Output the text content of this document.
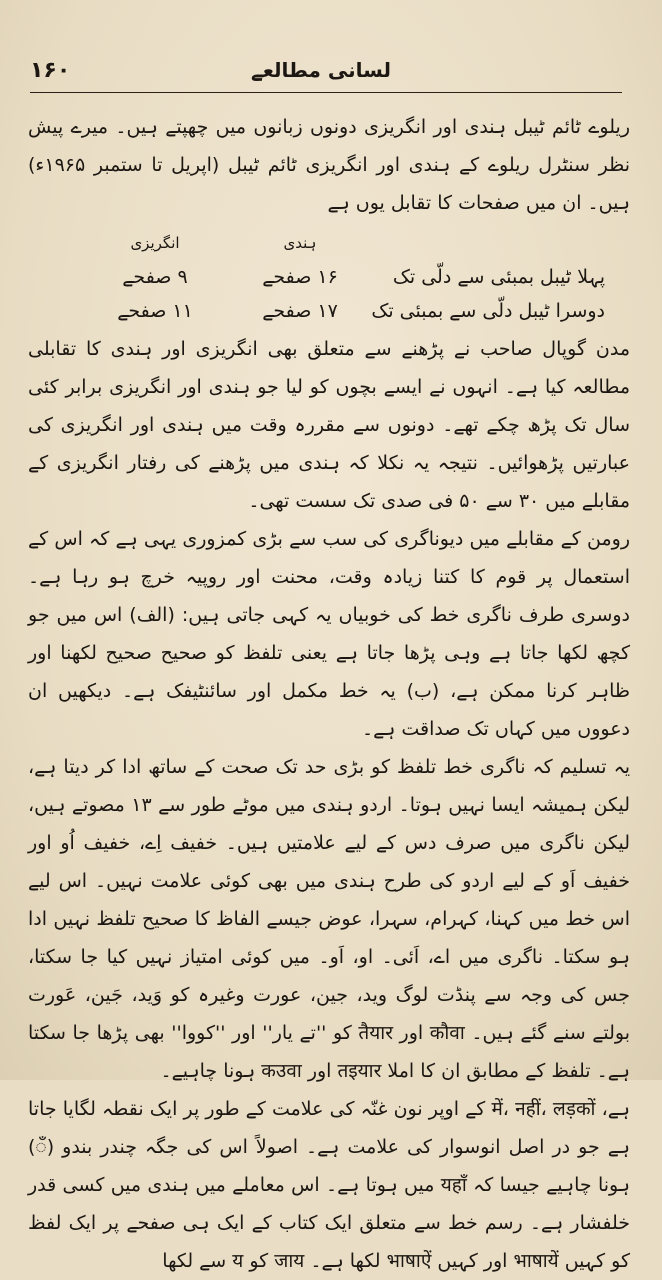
۱۶۰	لسانی مطالعے

ریلوے ٹائم ٹیبل ہندی اور انگریزی دونوں زبانوں میں چھپتے ہیں۔ میرے پیش نظر سنٹرل ریلوے کے ہندی اور انگریزی ٹائم ٹیبل (اپریل تا ستمبر ۱۹۶۵ء) ہیں۔ ان میں صفحات کا تقابل یوں ہے

ہندی
انگریزی
پہلا ٹیبل بمبئی سے دلّی تک
۱۶ صفحے
۹ صفحے
دوسرا ٹیبل دلّی سے بمبئی تک
۱۷ صفحے
۱۱ صفحے

مدن گوپال صاحب نے پڑھنے سے متعلق بھی انگریزی اور ہندی کا تقابلی مطالعہ کیا ہے۔ انہوں نے ایسے بچوں کو لیا جو ہندی اور انگریزی برابر کئی سال تک پڑھ چکے تھے۔ دونوں سے مقررہ وقت میں ہندی اور انگریزی کی عبارتیں پڑھوائیں۔ نتیجہ یہ نکلا کہ ہندی میں پڑھنے کی رفتار انگریزی کے مقابلے میں ۳۰ سے ۵۰ فی صدی تک سست تھی۔

رومن کے مقابلے میں دیوناگری کی سب سے بڑی کمزوری یہی ہے کہ اس کے استعمال پر قوم کا کتنا زیادہ وقت، محنت اور روپیہ خرچ ہو رہا ہے۔ دوسری طرف ناگری خط کی خوبیاں یہ کہی جاتی ہیں: (الف) اس میں جو کچھ لکھا جاتا ہے وہی پڑھا جاتا ہے یعنی تلفظ کو صحیح صحیح لکھنا اور ظاہر کرنا ممکن ہے، (ب) یہ خط مکمل اور سائنٹیفک ہے۔ دیکھیں ان دعووں میں کہاں تک صداقت ہے۔

یہ تسلیم کہ ناگری خط تلفظ کو بڑی حد تک صحت کے ساتھ ادا کر دیتا ہے، لیکن ہمیشہ ایسا نہیں ہوتا۔ اردو ہندی میں موٹے طور سے ۱۳ مصوتے ہیں، لیکن ناگری میں صرف دس کے لیے علامتیں ہیں۔ خفیف اِے، خفیف اُو اور خفیف اَو کے لیے اردو کی طرح ہندی میں بھی کوئی علامت نہیں۔ اس لیے اس خط میں کہنا، کہرام، سہرا، عوض جیسے الفاظ کا صحیح تلفظ نہیں ادا ہو سکتا۔ ناگری میں اے، اَئی۔ او، اَو۔ میں کوئی امتیاز نہیں کیا جا سکتا، جس کی وجہ سے پنڈت لوگ وید، جین، عورت وغیرہ کو وَید، جَین، عَورت بولتے سنے گئے ہیں۔ कौवा اور तैयार کو ''تے یار'' اور ''کووا'' بھی پڑھا جا سکتا ہے۔ تلفظ کے مطابق ان کا املا तइयार اور कउवा ہونا چاہیے۔

ہے، में، नहीं، लड़कों کے اوپر نون غنّہ کی علامت کے طور پر ایک نقطہ لگایا جاتا ہے جو در اصل انوسوار کی علامت ہے۔ اصولاً اس کی جگہ چندر بندو (ँ) ہونا چاہیے جیسا کہ यहाँ میں ہوتا ہے۔ اس معاملے میں ہندی میں کسی قدر خلفشار ہے۔ رسم خط سے متعلق ایک کتاب کے ایک ہی صفحے پر ایک لفظ کو کہیں भाषायें اور کہیں भाषाऐं لکھا ہے۔ जाय کو य سے لکھا
